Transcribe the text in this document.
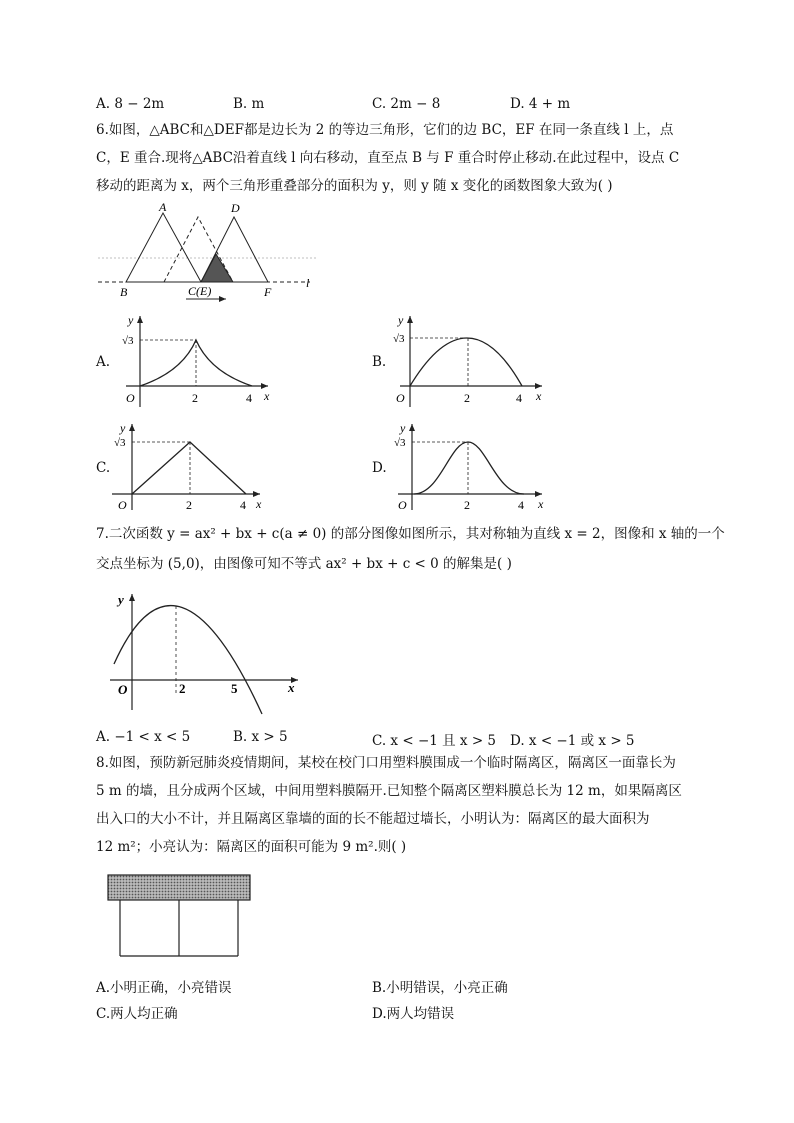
A. 8 − 2m	B. m	C. 2m − 8	D. 4 + m
6.如图，△ABC和△DEF都是边长为 2 的等边三角形，它们的边 BC，EF 在同一条直线 l 上，点
C，E 重合.现将△ABC沿着直线 l 向右移动，直至点 B 与 F 重合时停止移动.在此过程中，设点 C
移动的距离为 x，两个三角形重叠部分的面积为 y，则 y 随 x 变化的函数图象大致为( )
A	D
B	C(E)	F
l
A.
y
√3
O	2	4 x
B.
y
√3
O	2	4 x
C.
y
√3
O	2	4 x
D.
y
√3
O	2	4 x
7.二次函数 y = ax² + bx + c(a ≠ 0) 的部分图像如图所示，其对称轴为直线 x = 2，图像和 x 轴的一个
交点坐标为 (5,0)，由图像可知不等式 ax² + bx + c < 0 的解集是( )
y
O	2	5	x
A. −1 < x < 5	B. x > 5	C. x < −1 且 x > 5 D. x < −1 或 x > 5
8.如图，预防新冠肺炎疫情期间，某校在校门口用塑料膜围成一个临时隔离区，隔离区一面靠长为
5 m 的墙，且分成两个区域，中间用塑料膜隔开.已知整个隔离区塑料膜总长为 12 m，如果隔离区
出入口的大小不计，并且隔离区靠墙的面的长不能超过墙长，小明认为：隔离区的最大面积为
12 m²；小亮认为：隔离区的面积可能为 9 m².则( )
A.小明正确，小亮错误	B.小明错误，小亮正确
C.两人均正确	D.两人均错误
